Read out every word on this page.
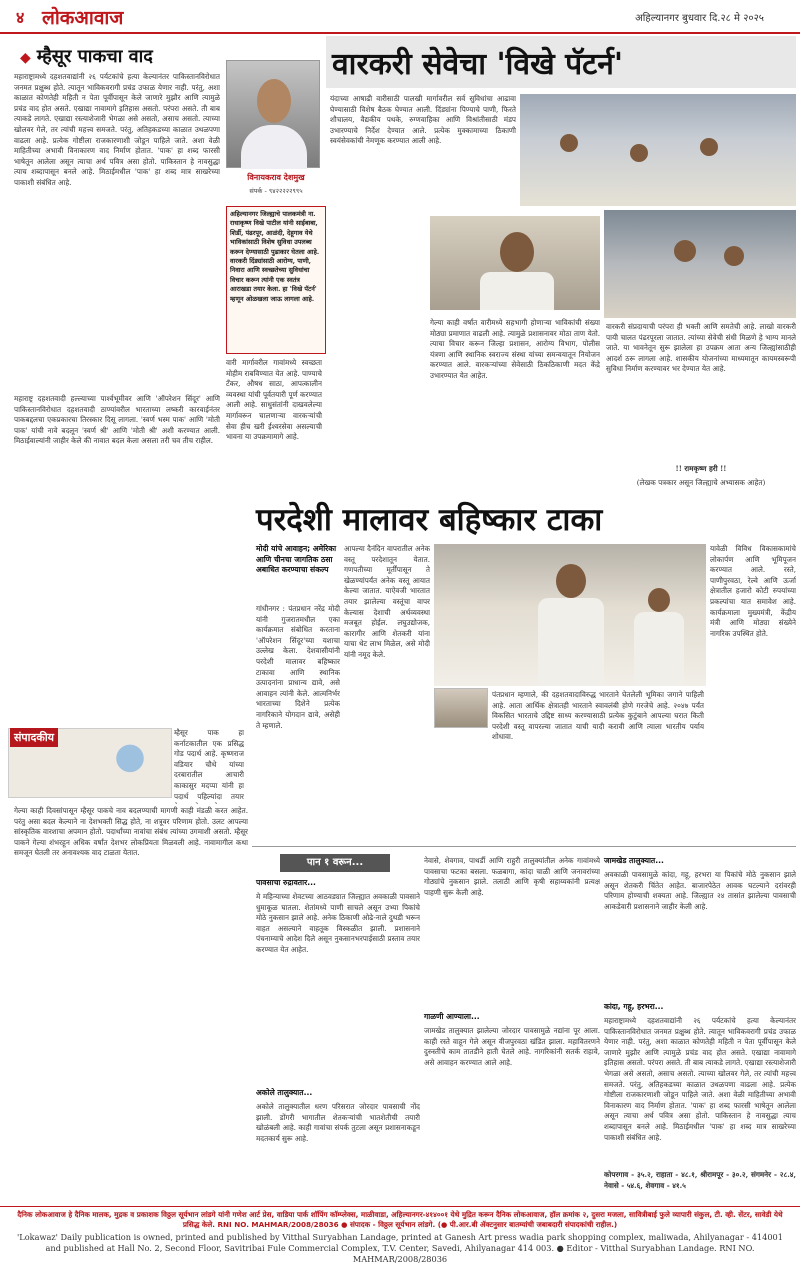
४ लोकआवाज	अहिल्यानगर बुधवार दि.२८ मे २०२५
◆ म्हैसूर पाकचा वाद
महाराष्ट्रामध्ये दहशतवाद्यांनी २६ पर्यटकांचे हत्या केल्यानंतर पाकिस्तानविरोधात जनमत प्रक्षुब्ध होते. त्यातून भाविकवरागी प्रचंड उफाळ येणार नाही. परंतु, अशा काळात कोणतेही महिती न पेता पूर्वीपासून केले जाणारे मुझौर आणि त्यामुळे प्रचंड वाद होत असते. एखाद्या नावामागे इतिहास असतो. परंपरा असते. ती बाब त्याकडे लागते. एखाद्या रस्त्याशेजारी भेगळा असे असतो, असाच असतो. त्याच्या खोलवर गेले, तर त्यांची महत्त्व समजते. परंतु, अतिहकडच्या काळात उथळपणा वाढला आहे. प्रत्येक गोष्टीला राजकारणाशी जोडून पाहिले जाते. अशा वेळी माहितीच्या अभावी विनाकारण वाद निर्माण होतात. 'पाक' हा शब्द फारसी भाषेतून आलेला असून त्याचा अर्थ पवित्र असा होतो. पाकिस्तान हे नावसुद्धा त्याच शब्दापासून बनले आहे. मिठाईमधील 'पाक' हा शब्द मात्र साखरेच्या पाकाशी संबंधित आहे.
महाराष्ट्र दहशतवादी हल्ल्याच्या पार्श्वभूमीवर आणि 'ऑपरेशन सिंदूर' आणि पाकिस्तानविरोधात दहशतवादी ठाण्यांवरील भारताच्या लष्करी कारवाईनंतर पाकबद्दलचा एकप्रकारचा तिरस्कार दिसू लागला. 'स्वर्ण भस्म पाक' आणि 'मोती पाक' यांची नावे बदलून 'स्वर्ण श्री' आणि 'मोती श्री' अशी करण्यात आली. मिठाईवाल्यांनी जाहीर केले की नावात बदल केला असला तरी चव तीच राहील.
संपादकीय	म्हैसूर पाक हा कर्नाटकातील एक प्रसिद्ध गोड पदार्थ आहे. कृष्णराज वडियार चौथे यांच्या दरबारातील आचारी काकासुर मदप्पा यांनी हा पदार्थ पहिल्यांदा तयार
गेल्या काही दिवसांपासून म्हैसूर पाकचे नाव बदलण्याची मागणी काही मंडळी करत आहेत. परंतु असा बदल केल्याने ना देशभक्ती सिद्ध होते, ना शत्रूवर परिणाम होतो. उलट आपल्या सांस्कृतिक वारशाचा अपमान होतो. पदार्थांच्या नावांचा संबंध त्यांच्या उगमाशी असतो. म्हैसूर पाकने गेल्या शंभरहून अधिक वर्षांत देशभर लोकप्रियता मिळवली आहे. नावामागील कथा समजून घेतली तर अनावश्यक वाद टाळता येतात.
वारकरी सेवेचा 'विखे पॅटर्न'
विनायकराव देशमुख
संपर्क - ९४२२२२२९९५
अहिल्यानगर जिल्ह्याचे पालकमंत्री ना. राधाकृष्ण विखे पाटील यांनी साईबाबा, शिर्डी, पंढरपूर, आळंदी, देहूगाव येथे भाविकांसाठी विशेष सुविधा उपलब्ध करून देण्यासाठी पुढाकार घेतला आहे. वारकरी दिंड्यांसाठी आरोग्य, पाणी, निवारा आणि स्वच्छतेच्या सुविधांचा विचार करून त्यांनी एक स्वतंत्र आराखडा तयार केला. हा 'विखे पॅटर्न' म्हणून ओळखला जाऊ लागला आहे.
वारी मार्गावरील गावांमध्ये स्वच्छता मोहीम राबविण्यात येत आहे. पाण्याचे टँकर, औषध साठा, आपत्कालीन व्यवस्था यांची पूर्वतयारी पूर्ण करण्यात आली आहे. साधुसंतांनी दाखवलेल्या मार्गावरून चालणाऱ्या वारकऱ्यांची सेवा हीच खरी ईश्वरसेवा असल्याची भावना या उपक्रमामागे आहे.
यंदाच्या आषाढी वारीसाठी पालखी मार्गावरील सर्व सुविधांचा आढावा घेण्यासाठी विशेष बैठक घेण्यात आली. दिंड्यांना पिण्याचे पाणी, फिरते शौचालय, वैद्यकीय पथके, रुग्णवाहिका आणि विश्रांतीसाठी मंडप उभारण्याचे निर्देश देण्यात आले. प्रत्येक मुक्कामाच्या ठिकाणी स्वयंसेवकांची नेमणूक करण्यात आली आहे.
गेल्या काही वर्षांत वारीमध्ये सहभागी होणाऱ्या भाविकांची संख्या मोठ्या प्रमाणात वाढली आहे. त्यामुळे प्रशासनावर मोठा ताण येतो. त्याचा विचार करून जिल्हा प्रशासन, आरोग्य विभाग, पोलीस यंत्रणा आणि स्थानिक स्वराज्य संस्था यांच्या समन्वयातून नियोजन करण्यात आले. वारकऱ्यांच्या सेवेसाठी ठिकठिकाणी मदत केंद्रे उभारण्यात येत आहेत.
वारकरी संप्रदायाची परंपरा ही भक्ती आणि समतेची आहे. लाखो वारकरी पायी चालत पंढरपूरला जातात. त्यांच्या सेवेची संधी मिळणे हे भाग्य मानले जाते. या भावनेतून सुरू झालेला हा उपक्रम आता अन्य जिल्ह्यांसाठीही आदर्श ठरू लागला आहे. शासकीय योजनांच्या माध्यमातून कायमस्वरूपी सुविधा निर्माण करण्यावर भर देण्यात येत आहे.
!! रामकृष्ण हरी !!
(लेखक पत्रकार असून जिल्ह्याचे अभ्यासक आहेत)
परदेशी मालावर बहिष्कार टाका
मोदी यांचे आवाहन; अमेरिका आणि चीनचा जागतिक ठसा अबाधित करण्याचा संकल्प
गांधीनगर : पंतप्रधान नरेंद्र मोदी यांनी गुजरातमधील एका कार्यक्रमात संबोधित करताना 'ऑपरेशन सिंदूर'च्या यशाचा उल्लेख केला. देशवासीयांनी परदेशी मालावर बहिष्कार टाकावा आणि स्थानिक उत्पादनांना प्राधान्य द्यावे, असे आवाहन त्यांनी केले. आत्मनिर्भर भारताच्या दिशेने प्रत्येक नागरिकाने योगदान द्यावे, असेही ते म्हणाले.
आपल्या दैनंदिन वापरातील अनेक वस्तू परदेशातून येतात. गणपतीच्या मूर्तींपासून ते खेळण्यांपर्यंत अनेक वस्तू आयात केल्या जातात. याऐवजी भारतात तयार झालेल्या वस्तूंचा वापर केल्यास देशाची अर्थव्यवस्था मजबूत होईल. लघुउद्योजक, कारागीर आणि शेतकरी यांना याचा थेट लाभ मिळेल, असे मोदी यांनी नमूद केले.
पंतप्रधान म्हणाले, की दहशतवादाविरुद्ध भारताने घेतलेली भूमिका जगाने पाहिली आहे. आता आर्थिक क्षेत्रातही भारताने स्वावलंबी होणे गरजेचे आहे. २०४७ पर्यंत विकसित भारताचे उद्दिष्ट साध्य करण्यासाठी प्रत्येक कुटुंबाने आपल्या घरात किती परदेशी वस्तू वापरल्या जातात याची यादी करावी आणि त्याला भारतीय पर्याय शोधावा.
यावेळी विविध विकासकामांचे लोकार्पण आणि भूमिपूजन करण्यात आले. रस्ते, पाणीपुरवठा, रेल्वे आणि ऊर्जा क्षेत्रातील हजारो कोटी रुपयांच्या प्रकल्पांचा यात समावेश आहे. कार्यक्रमाला मुख्यमंत्री, केंद्रीय मंत्री आणि मोठ्या संख्येने नागरिक उपस्थित होते.
पान १ वरून...
पावसाचा रुद्रावतार...
मे महिन्याच्या शेवटच्या आठवड्यात जिल्ह्यात अवकाळी पावसाने धुमाकूळ घातला. शेतांमध्ये पाणी साचले असून उभ्या पिकांचे मोठे नुकसान झाले आहे. अनेक ठिकाणी ओढे-नाले दुथडी भरून वाहत असल्याने वाहतूक विस्कळीत झाली. प्रशासनाने पंचनाम्याचे आदेश दिले असून नुकसानभरपाईसाठी प्रस्ताव तयार करण्यात येत आहेत.
अकोले तालुक्यात...
अकोले तालुक्यातील धरण परिसरात जोरदार पावसाची नोंद झाली. डोंगरी भागातील शेतकऱ्यांची भातशेतीची तयारी खोळंबली आहे. काही गावांचा संपर्क तुटला असून प्रशासनाकडून मदतकार्य सुरू आहे.
नेवासे, शेवगाव, पाथर्डी आणि राहुरी तालुक्यांतील अनेक गावांमध्ये पावसाचा फटका बसला. फळबागा, कांदा चाळी आणि जनावरांच्या गोठ्यांचे नुकसान झाले. तलाठी आणि कृषी सहाय्यकांनी प्रत्यक्ष पाहणी सुरू केली आहे.
गाळणी आण्याला...
जामखेड तालुक्यात झालेल्या जोरदार पावसामुळे नद्यांना पूर आला. काही रस्ते वाहून गेले असून वीजपुरवठा खंडित झाला. महावितरणने दुरुस्तीचे काम तातडीने हाती घेतले आहे. नागरिकांनी सतर्क राहावे, असे आवाहन करण्यात आले आहे.
जामखेड तालुक्यात...
अवकाळी पावसामुळे कांदा, गहू, हरभरा या पिकांचे मोठे नुकसान झाले असून शेतकरी चिंतेत आहेत. बाजारपेठेत आवक घटल्याने दरांवरही परिणाम होण्याची शक्यता आहे. जिल्ह्यात २४ तासांत झालेल्या पावसाची आकडेवारी प्रशासनाने जाहीर केली आहे.
कांदा, गहू, हरभरा...
महाराष्ट्रामध्ये दहशतवाद्यांनी २६ पर्यटकांचे हत्या केल्यानंतर पाकिस्तानविरोधात जनमत प्रक्षुब्ध होते. त्यातून भाविकवरागी प्रचंड उफाळ येणार नाही. परंतु, अशा काळात कोणतेही महिती न पेता पूर्वीपासून केले जाणारे मुझौर आणि त्यामुळे प्रचंड वाद होत असते. एखाद्या नावामागे इतिहास असतो. परंपरा असते. ती बाब त्याकडे लागते. एखाद्या रस्त्याशेजारी भेगळा असे असतो, असाच असतो. त्याच्या खोलवर गेले, तर त्यांची महत्त्व समजते. परंतु, अतिहकडच्या काळात उथळपणा वाढला आहे. प्रत्येक गोष्टीला राजकारणाशी जोडून पाहिले जाते. अशा वेळी माहितीच्या अभावी विनाकारण वाद निर्माण होतात. 'पाक' हा शब्द फारसी भाषेतून आलेला असून त्याचा अर्थ पवित्र असा होतो. पाकिस्तान हे नावसुद्धा त्याच शब्दापासून बनले आहे. मिठाईमधील 'पाक' हा शब्द मात्र साखरेच्या पाकाशी संबंधित आहे.
कोपरगाव - ३५.२, राहाता - ४८.१, श्रीरामपूर - ३०.२, संगमनेर - २८.४, नेवासे - ५४.६, शेवगाव - ४१.५
दैनिक लोकआवाज हे दैनिक मालक, मुद्रक व प्रकाशक विठ्ठल सूर्यभान लांडगे यांनी गणेश आर्ट प्रेस, वाडिया पार्क शॉपिंग कॉम्प्लेक्स, माळीवाडा, अहिल्यानगर-४१४००१ येथे मुद्रित करून दैनिक लोकआवाज, हॉल क्रमांक २, दुसरा मजला, सावित्रीबाई फुले व्यापारी संकुल, टी. व्ही. सेंटर, सावेडी येथे प्रसिद्ध केले. RNI NO. MAHMAR/2008/28036 ● संपादक - विठ्ठल सूर्यभान लांडगे. (● पी.आर.बी ॲक्टनुसार बातम्यांची जबाबदारी संपादकांची राहील.)
'Lokawaz' Daily publication is owned, printed and published by Vitthal Suryabhan Landage, printed at Ganesh Art press wadia park shopping complex, maliwada, Ahilyanagar - 414001 and published at Hall No. 2, Second Floor, Savitribai Fule Commercial Complex, T.V. Center, Savedi, Ahilyanagar 414 003. ● Editor - Vitthal Suryabhan Landage. RNI NO. MAHMAR/2008/28036
